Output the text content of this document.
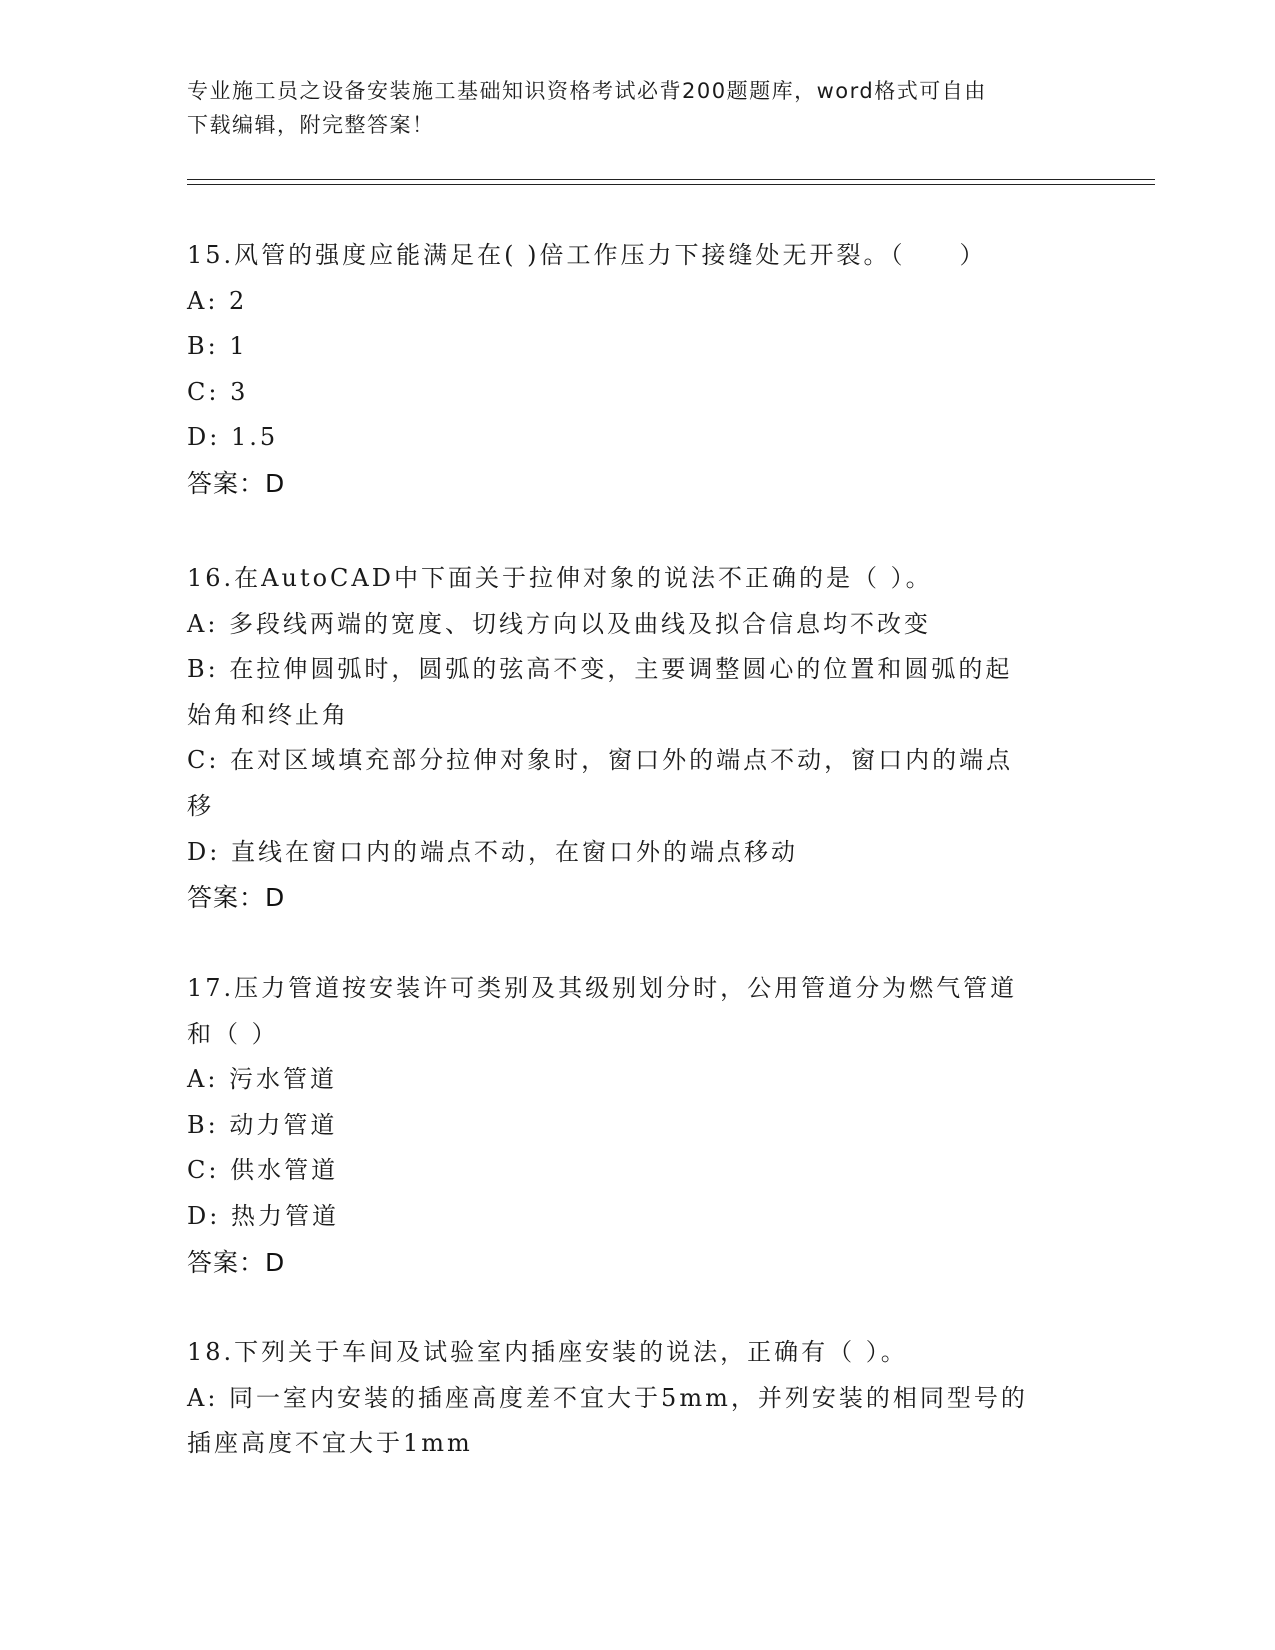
专业施工员之设备安装施工基础知识资格考试必背200题题库，word格式可自由
下载编辑，附完整答案！
15.风管的强度应能满足在( )倍工作压力下接缝处无开裂。（　　）
A: 2
B: 1
C: 3
D: 1.5
答案：D
16.在AutoCAD中下面关于拉伸对象的说法不正确的是（ ）。
A: 多段线两端的宽度、切线方向以及曲线及拟合信息均不改变
B: 在拉伸圆弧时，圆弧的弦高不变，主要调整圆心的位置和圆弧的起
始角和终止角
C: 在对区域填充部分拉伸对象时，窗口外的端点不动，窗口内的端点
移
D: 直线在窗口内的端点不动，在窗口外的端点移动
答案：D
17.压力管道按安装许可类别及其级别划分时，公用管道分为燃气管道
和（ ）
A: 污水管道
B: 动力管道
C: 供水管道
D: 热力管道
答案：D
18.下列关于车间及试验室内插座安装的说法，正确有（ ）。
A: 同一室内安装的插座高度差不宜大于5mm，并列安装的相同型号的
插座高度不宜大于1mm
